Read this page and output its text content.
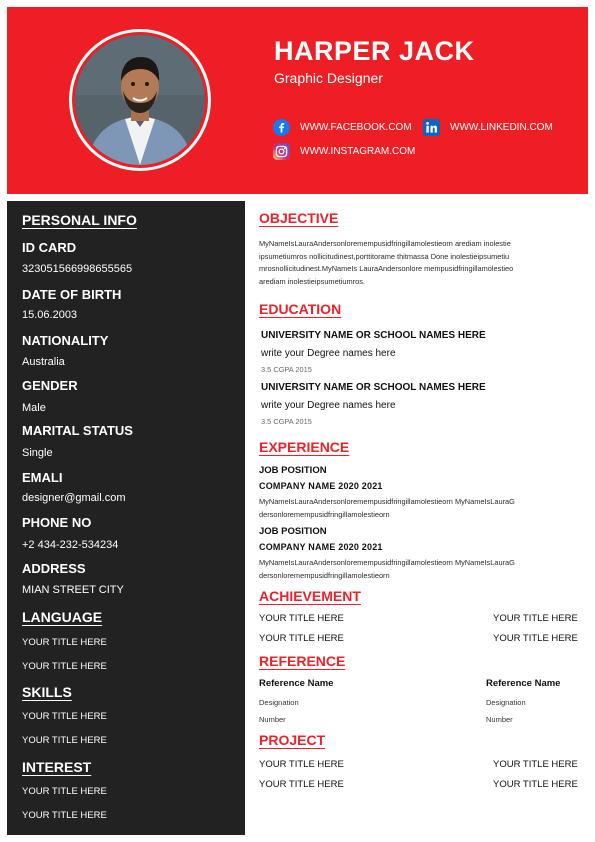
HARPER JACK
Graphic Designer
WWW.FACEBOOK.COM	WWW.LINKEDIN.COM
WWW.INSTAGRAM.COM
PERSONAL INFO
ID CARD
323051566998655565
DATE OF BIRTH
15.06.2003
NATIONALITY
Australia
GENDER
Male
MARITAL STATUS
Single
EMALI
designer@gmail.com
PHONE NO
+2 434-232-534234
ADDRESS
MIAN STREET CITY
LANGUAGE
YOUR TITLE HERE
YOUR TITLE HERE
SKILLS
YOUR TITLE HERE
YOUR TITLE HERE
INTEREST
YOUR TITLE HERE
YOUR TITLE HERE
OBJECTIVE
MyNameIsLauraAndersonloremempusidfringillamolestieorn arediam inolestie
ipsumetiumros nollicitudinest,porttitorame thitmassa Done inolestieipsumetiu
mrosnollicitudinest.MyNameIs LauraAndersonlore mempusidfringillamolestieo
arediam inolestieipsumetiumros.
EDUCATION
UNIVERSITY NAME OR SCHOOL NAMES HERE
write your Degree names here
3.5 CGPA 2015
UNIVERSITY NAME OR SCHOOL NAMES HERE
write your Degree names here
3.5 CGPA 2015
EXPERIENCE
JOB POSITION
COMPANY NAME 2020 2021
MyNameIsLauraAndersonloremempusidfringillamolestieorn MyNameIsLauraG
dersonloremempusidfringillamolestieorn
JOB POSITION
COMPANY NAME 2020 2021
MyNameIsLauraAndersonloremempusidfringillamolestieorn MyNameIsLauraG
dersonloremempusidfringillamolestieorn
ACHIEVEMENT
YOUR TITLE HERE
YOUR TITLE HERE
YOUR TITLE HERE
YOUR TITLE HERE
REFERENCE
Reference Name
Designation
Number
Reference Name
Designation
Number
PROJECT
YOUR TITLE HERE
YOUR TITLE HERE
YOUR TITLE HERE
YOUR TITLE HERE
